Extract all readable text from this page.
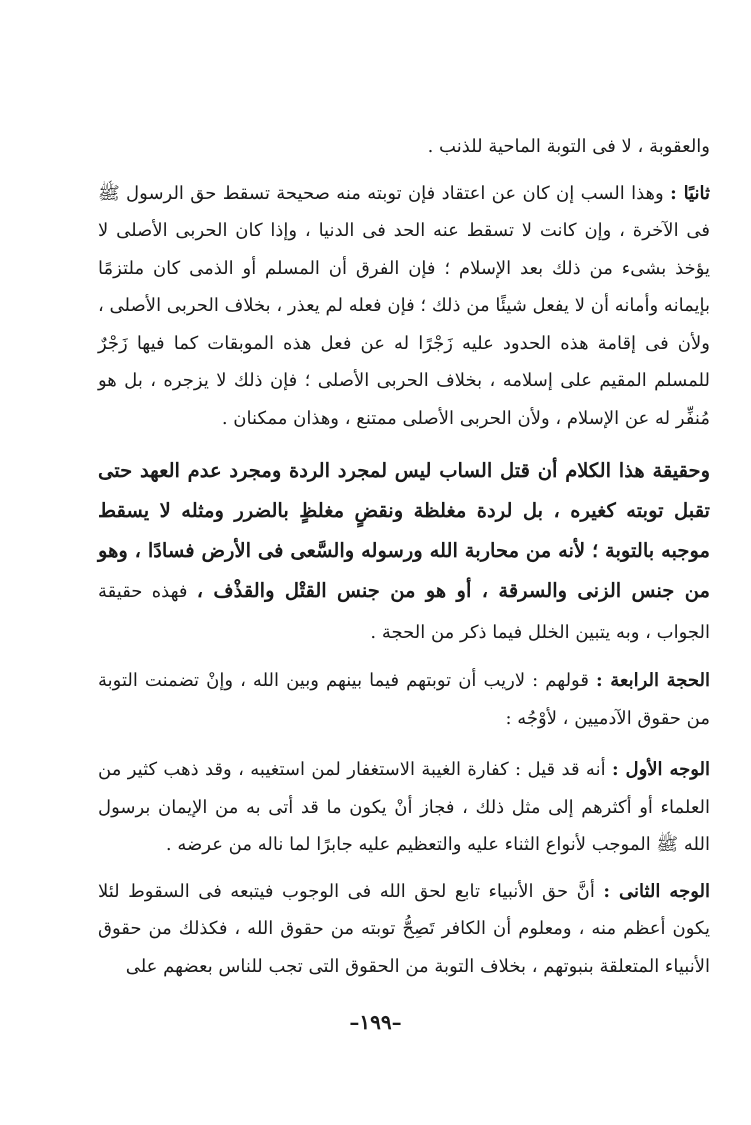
والعقوبة ، لا فى التوبة الماحية للذنب .

ثانيًا : وهذا السب إن كان عن اعتقاد فإن توبته منه صحيحة تسقط حق الرسول ﷺ فى الآخرة ، وإن كانت لا تسقط عنه الحد فى الدنيا ، وإذا كان الحربى الأصلى لا يؤخذ بشىء من ذلك بعد الإسلام ؛ فإن الفرق أن المسلم أو الذمى كان ملتزمًا بإيمانه وأمانه أن لا يفعل شيئًا من ذلك ؛ فإن فعله لم يعذر ، بخلاف الحربى الأصلى ، ولأن فى إقامة هذه الحدود عليه زَجْرًا له عن فعل هذه الموبقات كما فيها زَجْرٌ للمسلم المقيم على إسلامه ، بخلاف الحربى الأصلى ؛ فإن ذلك لا يزجره ، بل هو مُنفِّر له عن الإسلام ، ولأن الحربى الأصلى ممتنع ، وهذان ممكنان .

وحقيقة هذا الكلام أن قتل الساب ليس لمجرد الردة ومجرد عدم العهد حتى تقبل توبته كغيره ، بل لردة مغلظة ونقضٍ مغلظٍ بالضرر ومثله لا يسقط موجبه بالتوبة ؛ لأنه من محاربة الله ورسوله والسَّعى فى الأرض فسادًا ، وهو من جنس الزنى والسرقة ، أو هو من جنس القتْل والقذْف ، فهذه حقيقة الجواب ، وبه يتبين الخلل فيما ذكر من الحجة .

الحجة الرابعة : قولهم : لاريب أن توبتهم فيما بينهم وبين الله ، وإنْ تضمنت التوبة من حقوق الآدميين ، لأوْجُه :

الوجه الأول : أنه قد قيل : كفارة الغيبة الاستغفار لمن استغيبه ، وقد ذهب كثير من العلماء أو أكثرهم إلى مثل ذلك ، فجاز أنْ يكون ما قد أتى به من الإيمان برسول الله ﷺ الموجب لأنواع الثناء عليه والتعظيم عليه جابرًا لما ناله من عرضه .

الوجه الثانى : أنَّ حق الأنبياء تابع لحق الله فى الوجوب فيتبعه فى السقوط لئلا يكون أعظم منه ، ومعلوم أن الكافر تَصِحُّ توبته من حقوق الله ، فكذلك من حقوق الأنبياء المتعلقة بنبوتهم ، بخلاف التوبة من الحقوق التى تجب للناس بعضهم على

–١٩٩–
